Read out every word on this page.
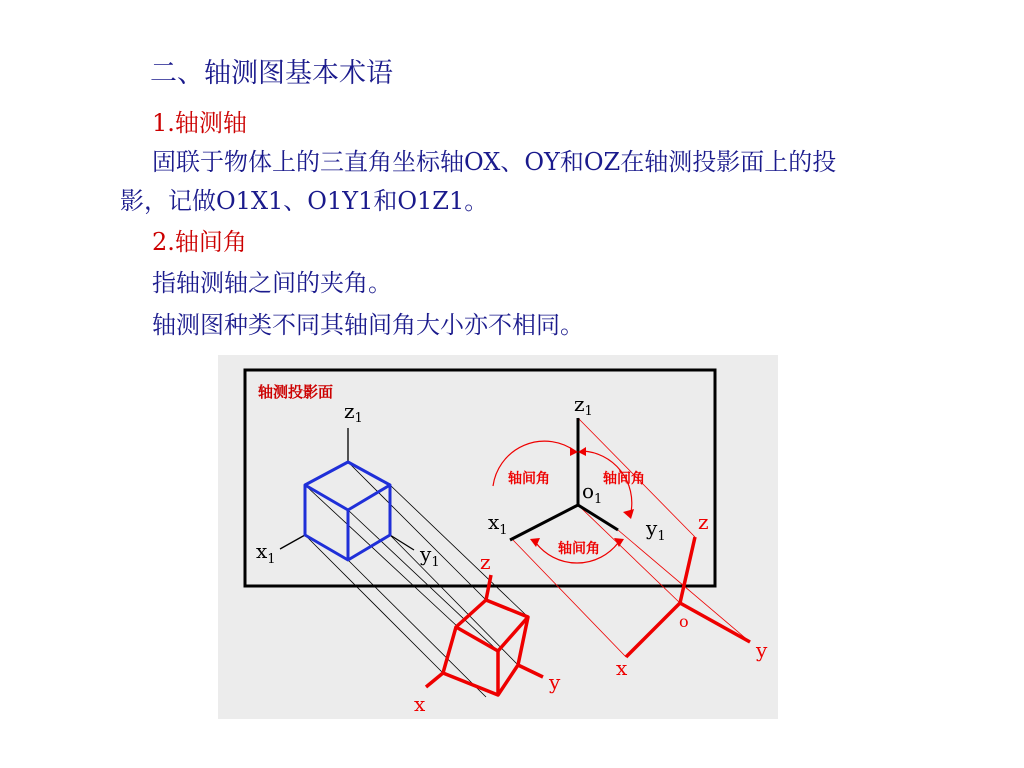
二、轴测图基本术语
1.轴测轴
固联于物体上的三直角坐标轴OX、OY和OZ在轴测投影面上的投
影，记做O1X1、O1Y1和O1Z1。
2.轴间角
指轴测轴之间的夹角。
轴测图种类不同其轴间角大小亦不相同。
轴测投影面
$z_1$
$x_1$	$y_1$ z
x
y
$z_1$
$x_1$	$y_1$
$o_1$
轴间角	轴间角
轴间角
z
x
y
o
